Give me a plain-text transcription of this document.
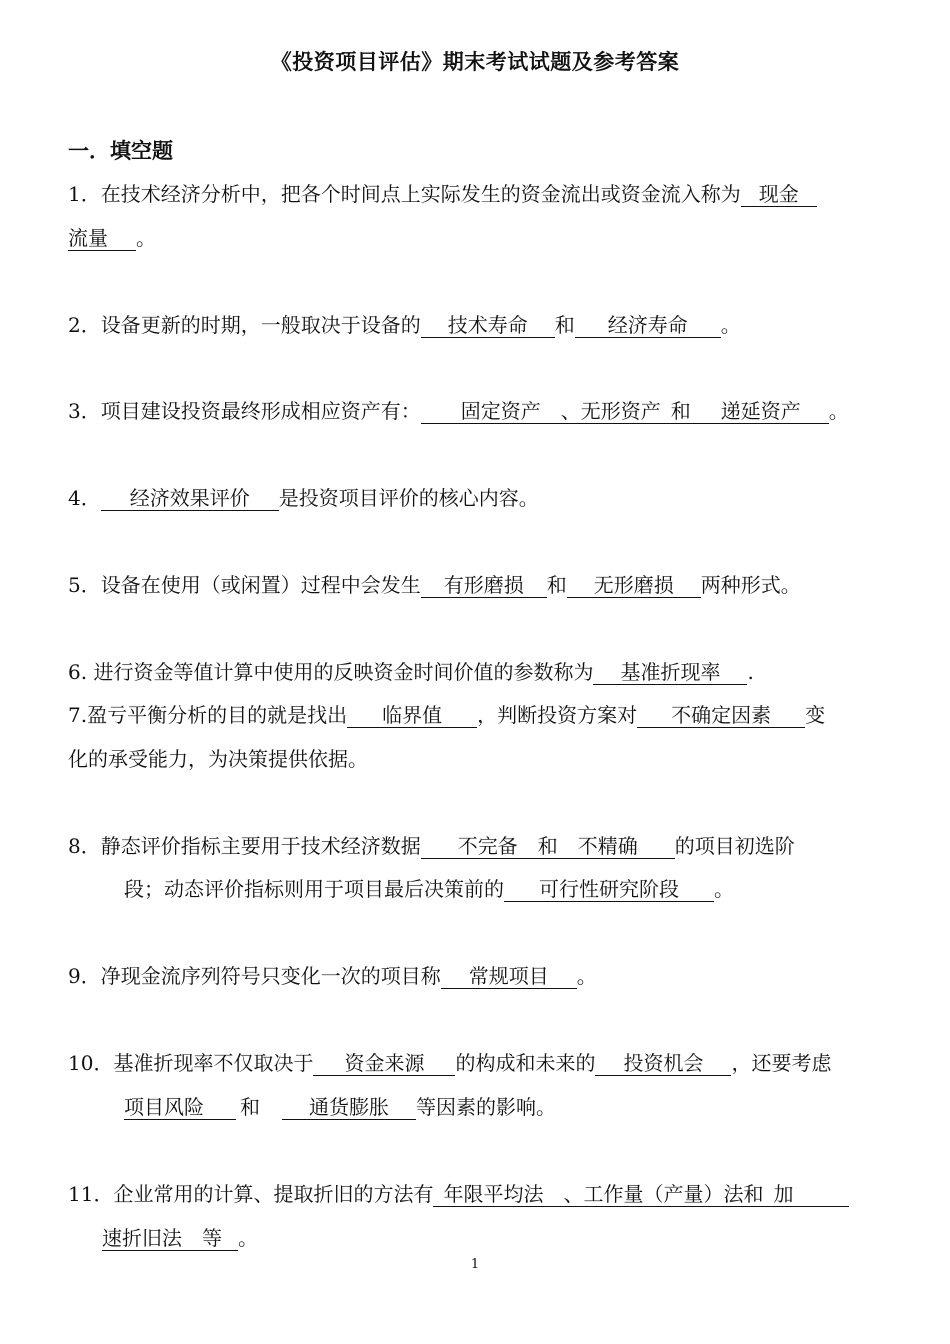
《投资项目评估》期末考试试题及参考答案
一．填空题
1．在技术经济分析中，把各个时间点上实际发生的资金流出或资金流入称为 现金
流量 。
2．设备更新的时期，一般取决于设备的 技术寿命 和 经济寿命 。
3．项目建设投资最终形成相应资产有：   固定资产  、无形资产  和   递延资产 。
4． 经济效果评价 是投资项目评价的核心内容。
5．设备在使用（或闲置）过程中会发生 有形磨损 和 无形磨损 两种形式。
6. 进行资金等值计算中使用的反映资金时间价值的参数称为 基准折现率 .
7.盈亏平衡分析的目的就是找出 临界值 ，判断投资方案对 不确定因素 变
化的承受能力，为决策提供依据。
8．静态评价指标主要用于技术经济数据 不完备  和  不精确 的项目初选阶
段；动态评价指标则用于项目最后决策前的 可行性研究阶段 。
9．净现金流序列符号只变化一次的项目称 常规项目 。
10．基准折现率不仅取决于 资金来源 的构成和未来的 投资机会 ，还要考虑
项目风险 和 通货膨胀 等因素的影响。
11．企业常用的计算、提取折旧的方法有  年限平均法  、工作量（产量）法和  加
速折旧法  等 。
1
